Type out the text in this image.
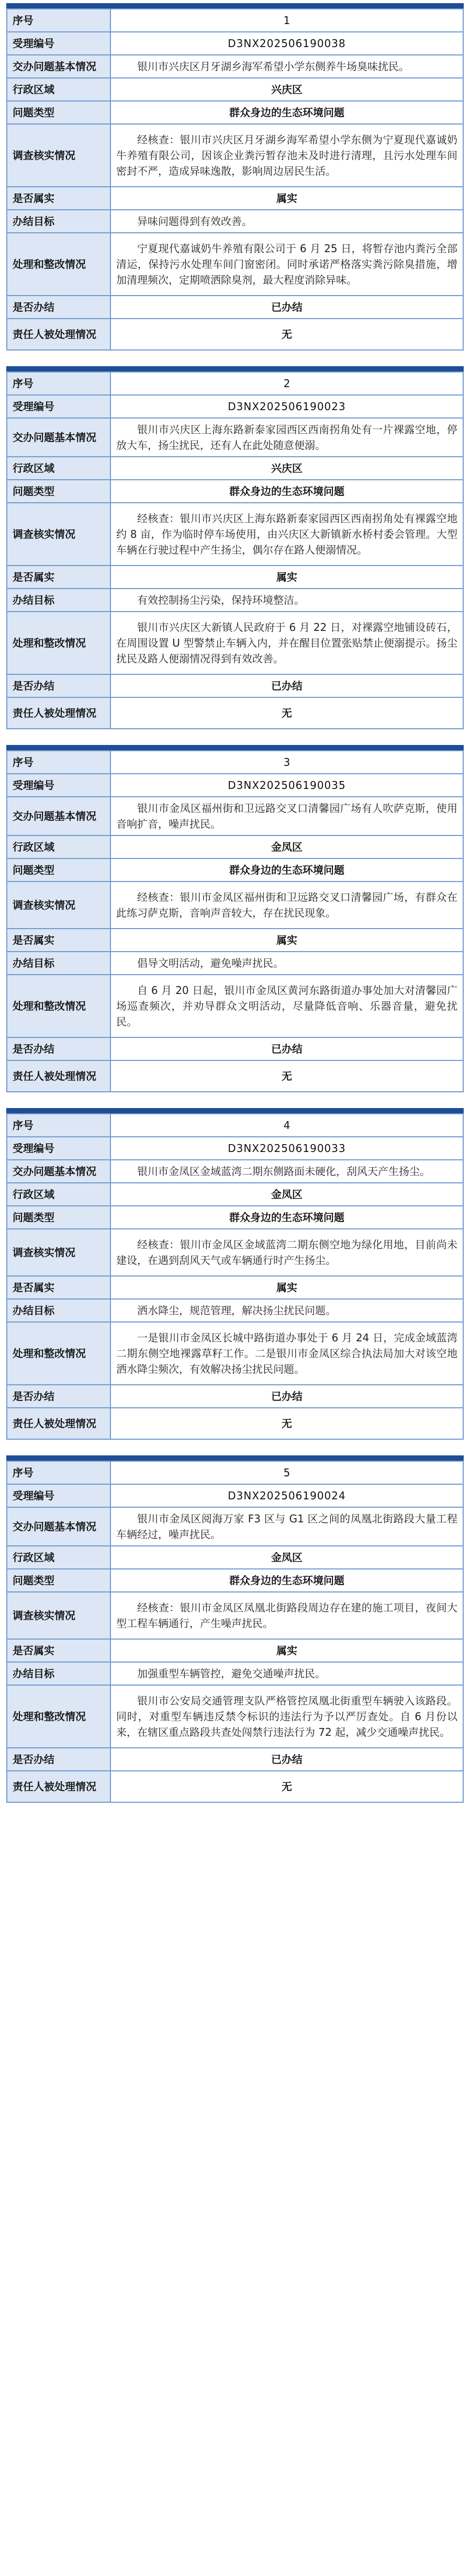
序号	1
受理编号	D3NX202506190038
交办问题基本情况	银川市兴庆区月牙湖乡海军希望小学东侧养牛场臭味扰民。
行政区域	兴庆区
问题类型	群众身边的生态环境问题
调查核实情况	经核查：银川市兴庆区月牙湖乡海军希望小学东侧为宁夏现代嘉诚奶牛养殖有限公司，因该企业粪污暂存池未及时进行清理，且污水处理车间密封不严，造成异味逸散，影响周边居民生活。
是否属实	属实
办结目标	异味问题得到有效改善。
处理和整改情况	宁夏现代嘉诚奶牛养殖有限公司于 6 月 25 日，将暂存池内粪污全部清运，保持污水处理车间门窗密闭。同时承诺严格落实粪污除臭措施，增加清理频次，定期喷洒除臭剂，最大程度消除异味。
是否办结	已办结
责任人被处理情况	无
序号	2
受理编号	D3NX202506190023
交办问题基本情况	银川市兴庆区上海东路新泰家园西区西南拐角处有一片裸露空地，停放大车，扬尘扰民，还有人在此处随意便溺。
行政区域	兴庆区
问题类型	群众身边的生态环境问题
调查核实情况	经核查：银川市兴庆区上海东路新泰家园西区西南拐角处有裸露空地约 8 亩，作为临时停车场使用，由兴庆区大新镇新水桥村委会管理。大型车辆在行驶过程中产生扬尘，偶尔存在路人便溺情况。
是否属实	属实
办结目标	有效控制扬尘污染，保持环境整洁。
处理和整改情况	银川市兴庆区大新镇人民政府于 6 月 22 日，对裸露空地铺设砖石，在周围设置 U 型警禁止车辆入内，并在醒目位置张贴禁止便溺提示。扬尘扰民及路人便溺情况得到有效改善。
是否办结	已办结
责任人被处理情况	无
序号	3
受理编号	D3NX202506190035
交办问题基本情况	银川市金凤区福州街和卫远路交叉口清馨园广场有人吹萨克斯，使用音响扩音，噪声扰民。
行政区域	金凤区
问题类型	群众身边的生态环境问题
调查核实情况	经核查：银川市金凤区福州街和卫远路交叉口清馨园广场，有群众在此练习萨克斯，音响声音较大，存在扰民现象。
是否属实	属实
办结目标	倡导文明活动，避免噪声扰民。
处理和整改情况	自 6 月 20 日起，银川市金凤区黄河东路街道办事处加大对清馨园广场巡查频次，并劝导群众文明活动，尽量降低音响、乐器音量，避免扰民。
是否办结	已办结
责任人被处理情况	无
序号	4
受理编号	D3NX202506190033
交办问题基本情况	银川市金凤区金域蓝湾二期东侧路面未硬化，刮风天产生扬尘。
行政区域	金凤区
问题类型	群众身边的生态环境问题
调查核实情况	经核查：银川市金凤区金域蓝湾二期东侧空地为绿化用地，目前尚未建设，在遇到刮风天气或车辆通行时产生扬尘。
是否属实	属实
办结目标	洒水降尘，规范管理，解决扬尘扰民问题。
处理和整改情况	一是银川市金凤区长城中路街道办事处于 6 月 24 日，完成金域蓝湾二期东侧空地裸露草籽工作。二是银川市金凤区综合执法局加大对该空地洒水降尘频次，有效解决扬尘扰民问题。
是否办结	已办结
责任人被处理情况	无
序号	5
受理编号	D3NX202506190024
交办问题基本情况	银川市金凤区阅海万家 F3 区与 G1 区之间的凤凰北街路段大量工程车辆经过，噪声扰民。
行政区域	金凤区
问题类型	群众身边的生态环境问题
调查核实情况	经核查：银川市金凤区凤凰北街路段周边存在建的施工项目，夜间大型工程车辆通行，产生噪声扰民。
是否属实	属实
办结目标	加强重型车辆管控，避免交通噪声扰民。
处理和整改情况	银川市公安局交通管理支队严格管控凤凰北街重型车辆驶入该路段。同时，对重型车辆违反禁令标识的违法行为予以严厉查处。自 6 月份以来，在辖区重点路段共查处闯禁行违法行为 72 起，减少交通噪声扰民。
是否办结	已办结
责任人被处理情况	无
